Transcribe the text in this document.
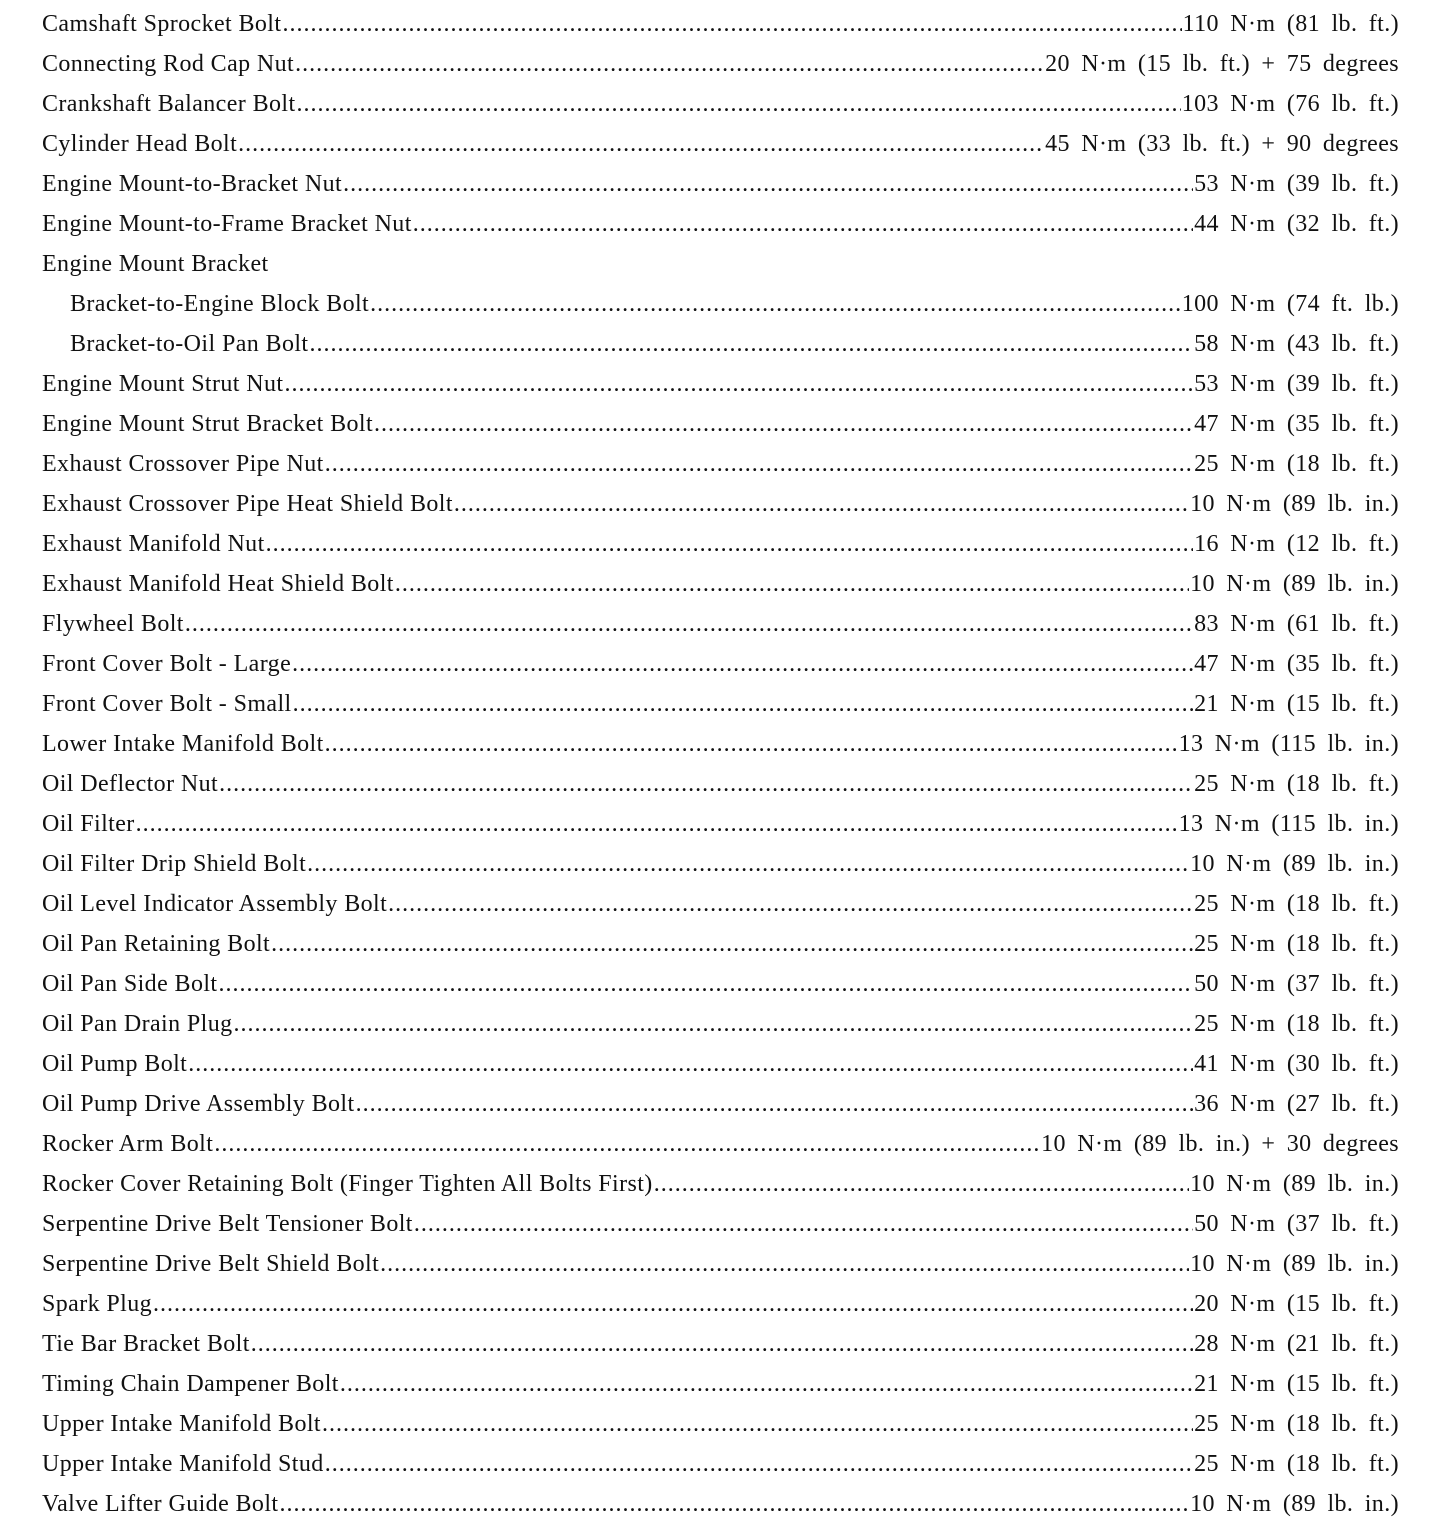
Camshaft Sprocket Bolt .....	110 N·m (81 lb. ft.)
Connecting Rod Cap Nut .....	20 N·m (15 lb. ft.) + 75 degrees
Crankshaft Balancer Bolt .....	103 N·m (76 lb. ft.)
Cylinder Head Bolt .....	45 N·m (33 lb. ft.) + 90 degrees
Engine Mount-to-Bracket Nut .....	53 N·m (39 lb. ft.)
Engine Mount-to-Frame Bracket Nut .....	44 N·m (32 lb. ft.)
Engine Mount Bracket
Bracket-to-Engine Block Bolt .....	100 N·m (74 ft. lb.)
Bracket-to-Oil Pan Bolt .....	58 N·m (43 lb. ft.)
Engine Mount Strut Nut .....	53 N·m (39 lb. ft.)
Engine Mount Strut Bracket Bolt .....	47 N·m (35 lb. ft.)
Exhaust Crossover Pipe Nut .....	25 N·m (18 lb. ft.)
Exhaust Crossover Pipe Heat Shield Bolt .....	10 N·m (89 lb. in.)
Exhaust Manifold Nut .....	16 N·m (12 lb. ft.)
Exhaust Manifold Heat Shield Bolt .....	10 N·m (89 lb. in.)
Flywheel Bolt .....	83 N·m (61 lb. ft.)
Front Cover Bolt - Large .....	47 N·m (35 lb. ft.)
Front Cover Bolt - Small .....	21 N·m (15 lb. ft.)
Lower Intake Manifold Bolt .....	13 N·m (115 lb. in.)
Oil Deflector Nut .....	25 N·m (18 lb. ft.)
Oil Filter .....	13 N·m (115 lb. in.)
Oil Filter Drip Shield Bolt .....	10 N·m (89 lb. in.)
Oil Level Indicator Assembly Bolt .....	25 N·m (18 lb. ft.)
Oil Pan Retaining Bolt .....	25 N·m (18 lb. ft.)
Oil Pan Side Bolt .....	50 N·m (37 lb. ft.)
Oil Pan Drain Plug .....	25 N·m (18 lb. ft.)
Oil Pump Bolt .....	41 N·m (30 lb. ft.)
Oil Pump Drive Assembly Bolt .....	36 N·m (27 lb. ft.)
Rocker Arm Bolt .....	10 N·m (89 lb. in.) + 30 degrees
Rocker Cover Retaining Bolt (Finger Tighten All Bolts First) .....	10 N·m (89 lb. in.)
Serpentine Drive Belt Tensioner Bolt .....	50 N·m (37 lb. ft.)
Serpentine Drive Belt Shield Bolt .....	10 N·m (89 lb. in.)
Spark Plug .....	20 N·m (15 lb. ft.)
Tie Bar Bracket Bolt .....	28 N·m (21 lb. ft.)
Timing Chain Dampener Bolt .....	21 N·m (15 lb. ft.)
Upper Intake Manifold Bolt .....	25 N·m (18 lb. ft.)
Upper Intake Manifold Stud .....	25 N·m (18 lb. ft.)
Valve Lifter Guide Bolt .....	10 N·m (89 lb. in.)
